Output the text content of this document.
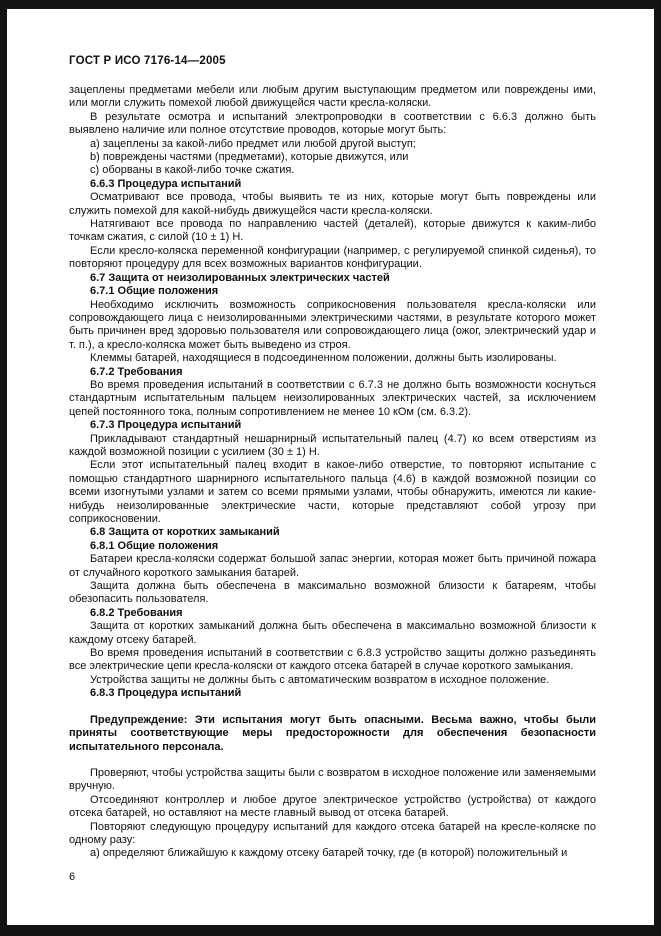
ГОСТ Р ИСО 7176-14—2005

зацеплены предметами мебели или любым другим выступающим предметом или повреждены ими, или могли служить помехой любой движущейся части кресла-коляски.

В результате осмотра и испытаний электропроводки в соответствии с 6.6.3 должно быть выявлено наличие или полное отсутствие проводов, которые могут быть:

a) зацеплены за какой-либо предмет или любой другой выступ;

b) повреждены частями (предметами), которые движутся, или

c) оборваны в какой-либо точке сжатия.

6.6.3 Процедура испытаний

Осматривают все провода, чтобы выявить те из них, которые могут быть повреждены или служить помехой для какой-нибудь движущейся части кресла-коляски.

Натягивают все провода по направлению частей (деталей), которые движутся к каким-либо точкам сжатия, с силой (10 ± 1) Н.

Если кресло-коляска переменной конфигурации (например, с регулируемой спинкой сиденья), то повторяют процедуру для всех возможных вариантов конфигурации.

6.7 Защита от неизолированных электрических частей

6.7.1 Общие положения

Необходимо исключить возможность соприкосновения пользователя кресла-коляски или сопровождающего лица с неизолированными электрическими частями, в результате которого может быть причинен вред здоровью пользователя или сопровождающего лица (ожог, электрический удар и т. п.), а кресло-коляска может быть выведено из строя.

Клеммы батарей, находящиеся в подсоединенном положении, должны быть изолированы.

6.7.2 Требования

Во время проведения испытаний в соответствии с 6.7.3 не должно быть возможности коснуться стандартным испытательным пальцем неизолированных электрических частей, за исключением цепей постоянного тока, полным сопротивлением не менее 10 кОм (см. 6.3.2).

6.7.3 Процедура испытаний

Прикладывают стандартный нешарнирный испытательный палец (4.7) ко всем отверстиям из каждой возможной позиции с усилием (30 ± 1) Н.

Если этот испытательный палец входит в какое-либо отверстие, то повторяют испытание с помощью стандартного шарнирного испытательного пальца (4.6) в каждой возможной позиции со всеми изогнутыми узлами и затем со всеми прямыми узлами, чтобы обнаружить, имеются ли какие-нибудь неизолированные электрические части, которые представляют собой угрозу при соприкосновении.

6.8 Защита от коротких замыканий

6.8.1 Общие положения

Батареи кресла-коляски содержат большой запас энергии, которая может быть причиной пожара от случайного короткого замыкания батарей.

Защита должна быть обеспечена в максимально возможной близости к батареям, чтобы обезопасить пользователя.

6.8.2 Требования

Защита от коротких замыканий должна быть обеспечена в максимально возможной близости к каждому отсеку батарей.

Во время проведения испытаний в соответствии с 6.8.3 устройство защиты должно разъединять все электрические цепи кресла-коляски от каждого отсека батарей в случае короткого замыкания.

Устройства защиты не должны быть с автоматическим возвратом в исходное положение.

6.8.3 Процедура испытаний

Предупреждение: Эти испытания могут быть опасными. Весьма важно, чтобы были приняты соответствующие меры предосторожности для обеспечения безопасности испытательного персонала.

Проверяют, чтобы устройства защиты были с возвратом в исходное положение или заменяемыми вручную.

Отсоединяют контроллер и любое другое электрическое устройство (устройства) от каждого отсека батарей, но оставляют на месте главный вывод от отсека батарей.

Повторяют следующую процедуру испытаний для каждого отсека батарей на кресле-коляске по одному разу:

а) определяют ближайшую к каждому отсеку батарей точку, где (в которой) положительный и

6
